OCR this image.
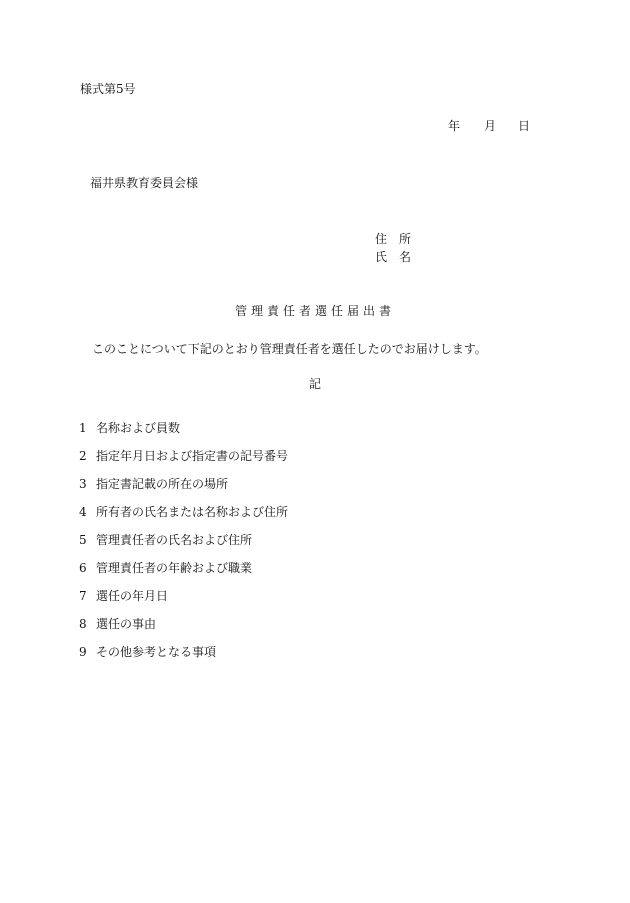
様式第5号
年 月 日
福井県教育委員会様
住　所
氏　名
管理責任者選任届出書
このことについて下記のとおり管理責任者を選任したのでお届けします。
記
1 名称および員数
2 指定年月日および指定書の記号番号
3 指定書記載の所在の場所
4 所有者の氏名または名称および住所
5 管理責任者の氏名および住所
6 管理責任者の年齢および職業
7 選任の年月日
8 選任の事由
9 その他参考となる事項
